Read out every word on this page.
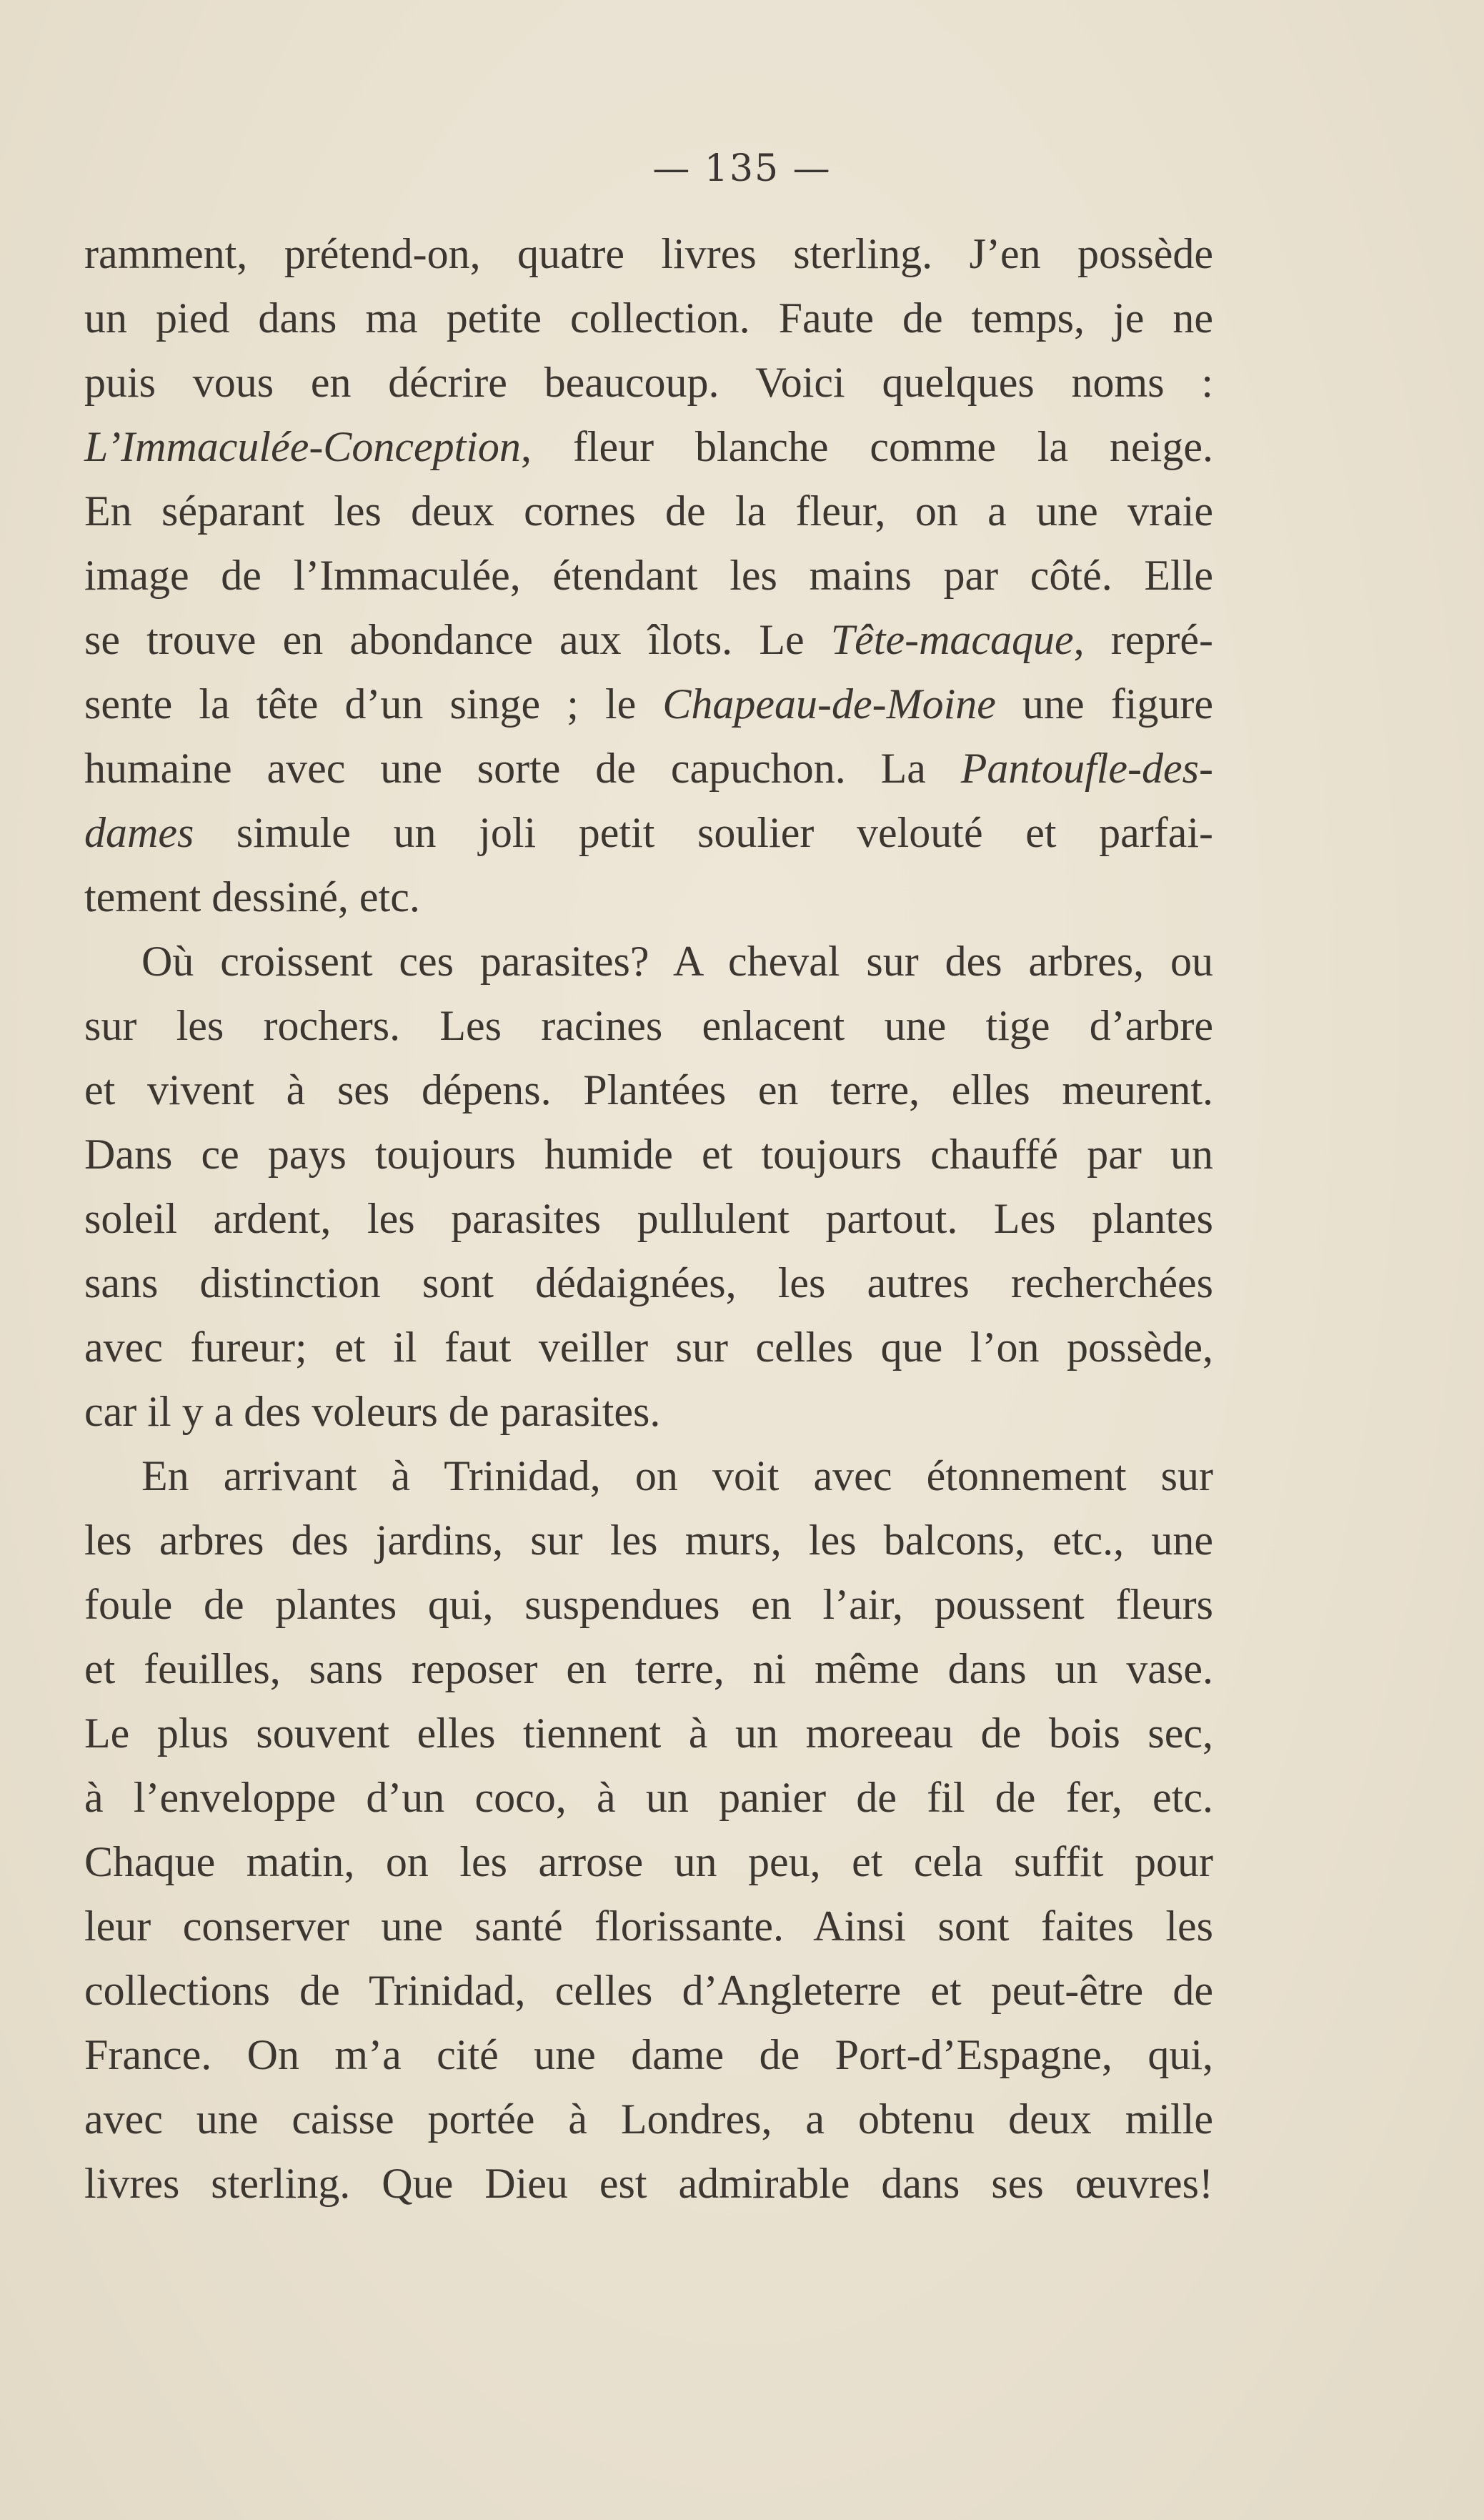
— 135 —
ramment, prétend-on, quatre livres sterling. J’en possède
un pied dans ma petite collection. Faute de temps, je ne
puis vous en décrire beaucoup. Voici quelques noms :
L’Immaculée-Conception, fleur blanche comme la neige.
En séparant les deux cornes de la fleur, on a une vraie
image de l’Immaculée, étendant les mains par côté. Elle
se trouve en abondance aux îlots. Le Tête-macaque, repré-
sente la tête d’un singe ; le Chapeau-de-Moine une figure
humaine avec une sorte de capuchon. La Pantoufle-des-
dames simule un joli petit soulier velouté et parfai-
tement dessiné, etc.
Où croissent ces parasites? A cheval sur des arbres, ou
sur les rochers. Les racines enlacent une tige d’arbre
et vivent à ses dépens. Plantées en terre, elles meurent.
Dans ce pays toujours humide et toujours chauffé par un
soleil ardent, les parasites pullulent partout. Les plantes
sans distinction sont dédaignées, les autres recherchées
avec fureur; et il faut veiller sur celles que l’on possède,
car il y a des voleurs de parasites.
En arrivant à Trinidad, on voit avec étonnement sur
les arbres des jardins, sur les murs, les balcons, etc., une
foule de plantes qui, suspendues en l’air, poussent fleurs
et feuilles, sans reposer en terre, ni même dans un vase.
Le plus souvent elles tiennent à un moreeau de bois sec,
à l’enveloppe d’un coco, à un panier de fil de fer, etc.
Chaque matin, on les arrose un peu, et cela suffit pour
leur conserver une santé florissante. Ainsi sont faites les
collections de Trinidad, celles d’Angleterre et peut-être de
France. On m’a cité une dame de Port-d’Espagne, qui,
avec une caisse portée à Londres, a obtenu deux mille
livres sterling. Que Dieu est admirable dans ses œuvres!
